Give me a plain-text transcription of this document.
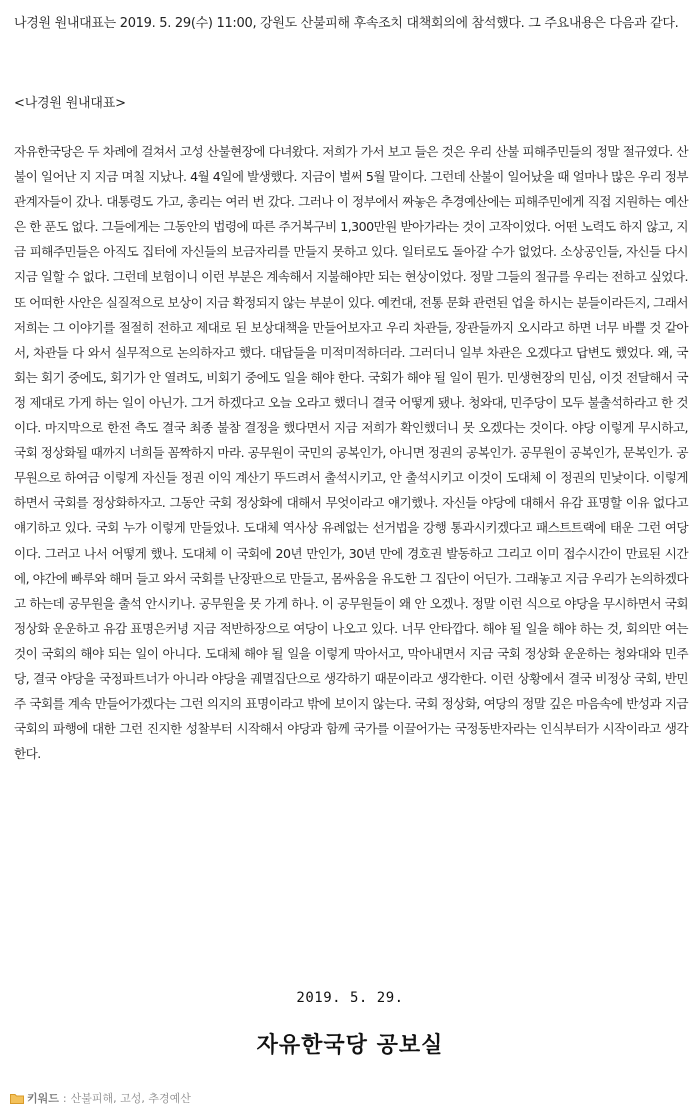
나경원 원내대표는 2019. 5. 29(수) 11:00, 강원도 산불피해 후속조치 대책회의에 참석했다. 그 주요내용은 다음과 같다.
<나경원 원내대표>
자유한국당은 두 차례에 걸쳐서 고성 산불현장에 다녀왔다. 저희가 가서 보고 들은 것은 우리 산불 피해주민들의 정말 절규였다. 산불이 일어난 지 지금 며칠 지났나. 4월 4일에 발생했다. 지금이 벌써 5월 말이다. 그런데 산불이 일어났을 때 얼마나 많은 우리 정부 관계자들이 갔나. 대통령도 가고, 총리는 여러 번 갔다. 그러나 이 정부에서 짜놓은 추경예산에는 피해주민에게 직접 지원하는 예산은 한 푼도 없다. 그들에게는 그동안의 법령에 따른 주거복구비 1,300만원 받아가라는 것이 고작이었다. 어떤 노력도 하지 않고, 지금 피해주민들은 아직도 집터에 자신들의 보금자리를 만들지 못하고 있다. 일터로도 돌아갈 수가 없었다. 소상공인들, 자신들 다시 지금 일할 수 없다. 그런데 보험이니 이런 부분은 계속해서 지불해야만 되는 현상이었다. 정말 그들의 절규를 우리는 전하고 싶었다. 또 어떠한 사안은 실질적으로 보상이 지금 확정되지 않는 부분이 있다. 예컨대, 전통 문화 관련된 업을 하시는 분들이라든지, 그래서 저희는 그 이야기를 절절히 전하고 제대로 된 보상대책을 만들어보자고 우리 차관들, 장관들까지 오시라고 하면 너무 바쁠 것 같아서, 차관들 다 와서 실무적으로 논의하자고 했다. 대답들을 미적미적하더라. 그러더니 일부 차관은 오겠다고 답변도 했었다. 왜, 국회는 회기 중에도, 회기가 안 열려도, 비회기 중에도 일을 해야 한다. 국회가 해야 될 일이 뭔가. 민생현장의 민심, 이것 전달해서 국정 제대로 가게 하는 일이 아닌가. 그거 하겠다고 오늘 오라고 했더니 결국 어떻게 됐나. 청와대, 민주당이 모두 불출석하라고 한 것이다. 마지막으로 한전 측도 결국 최종 불참 결정을 했다면서 지금 저희가 확인했더니 못 오겠다는 것이다. 야당 이렇게 무시하고, 국회 정상화될 때까지 너희들 꼼짝하지 마라. 공무원이 국민의 공복인가, 아니면 정권의 공복인가. 공무원이 공복인가, 문복인가. 공무원으로 하여금 이렇게 자신들 정권 이익 계산기 뚜드려서 출석시키고, 안 출석시키고 이것이 도대체 이 정권의 민낯이다. 이렇게 하면서 국회를 정상화하자고. 그동안 국회 정상화에 대해서 무엇이라고 얘기했나. 자신들 야당에 대해서 유감 표명할 이유 없다고 얘기하고 있다. 국회 누가 이렇게 만들었나. 도대체 역사상 유례없는 선거법을 강행 통과시키겠다고 패스트트랙에 태운 그런 여당이다. 그러고 나서 어떻게 했나. 도대체 이 국회에 20년 만인가, 30년 만에 경호권 발동하고 그리고 이미 접수시간이 만료된 시간에, 야간에 빠루와 해머 들고 와서 국회를 난장판으로 만들고, 몸싸움을 유도한 그 집단이 어딘가. 그래놓고 지금 우리가 논의하겠다고 하는데 공무원을 출석 안시키나. 공무원을 못 가게 하나. 이 공무원들이 왜 안 오겠나. 정말 이런 식으로 야당을 무시하면서 국회 정상화 운운하고 유감 표명은커녕 지금 적반하장으로 여당이 나오고 있다. 너무 안타깝다. 해야 될 일을 해야 하는 것, 회의만 여는 것이 국회의 해야 되는 일이 아니다. 도대체 해야 될 일을 이렇게 막아서고, 막아내면서 지금 국회 정상화 운운하는 청와대와 민주당, 결국 야당을 국정파트너가 아니라 야당을 궤멸집단으로 생각하기 때문이라고 생각한다. 이런 상황에서 결국 비정상 국회, 반민주 국회를 계속 만들어가겠다는 그런 의지의 표명이라고 밖에 보이지 않는다. 국회 정상화, 여당의 정말 깊은 마음속에 반성과 지금 국회의 파행에 대한 그런 진지한 성찰부터 시작해서 야당과 함께 국가를 이끌어가는 국정동반자라는 인식부터가 시작이라고 생각한다.
2019. 5. 29.
자유한국당 공보실
키워드 : 산불피해, 고성, 추경예산
